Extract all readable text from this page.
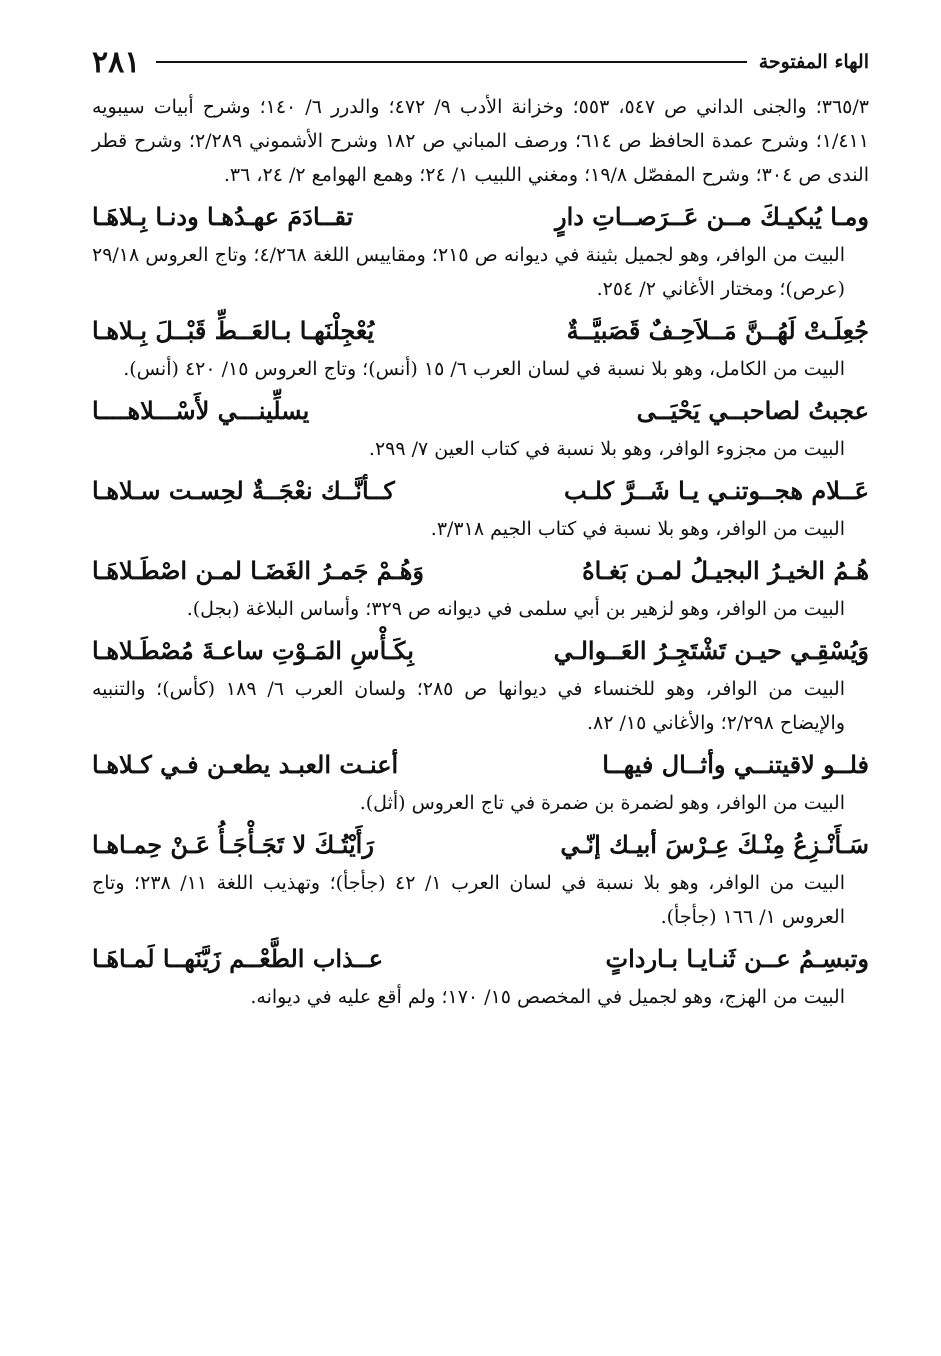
الهاء المفتوحة
٢٨١

٣٦٥/٣؛ والجنى الداني ص ٥٤٧، ٥٥٣؛ وخزانة الأدب ٩/ ٤٧٢؛ والدرر ٦/ ١٤٠؛ وشرح أبيات سيبويه ١/٤١١؛ وشرح عمدة الحافظ ص ٦١٤؛ ورصف المباني ص ١٨٢ وشرح الأشموني ٢/٢٨٩؛ وشرح قطر الندى ص ٣٠٤؛ وشرح المفصّل ١٩/٨؛ ومغني اللبيب ١/ ٢٤؛ وهمع الهوامع ٢/ ٢٤، ٣٦.

ومـا يُبكيـكَ مــن عَــرَصــاتِ دارٍ
تقــادَمَ عهـدُهـا ودنـا بِـلاهَـا

البيت من الوافر، وهو لجميل بثينة في ديوانه ص ٢١٥؛ ومقاييس اللغة ٤/٢٦٨؛ وتاج العروس ٢٩/١٨ (عرص)؛ ومختار الأغاني ٢/ ٢٥٤.

جُعِلَـتْ لَهُــنَّ مَــلاَحِـفٌ قَصَبيَّــةٌ
يُعْجِلْنَهـا بـالعَــطِّ قَبْــلَ بِـلاهـا

البيت من الكامل، وهو بلا نسبة في لسان العرب ٦/ ١٥ (أنس)؛ وتاج العروس ١٥/ ٤٢٠ (أنس).

عجبتُ لصاحبــي يَحْيَــى
يسلِّينـــي لأَسْـــلاهــــا

البيت من مجزوء الوافر، وهو بلا نسبة في كتاب العين ٧/ ٢٩٩.

عَــلام هجــوتنـي يـا شَــرَّ كلـب
كــأنَّــك نعْجَــةٌ لحِسـت سـلاهـا

البيت من الوافر، وهو بلا نسبة في كتاب الجيم ٣/٣١٨.

هُـمُ الخيـرُ البجيـلُ لمـن بَغـاهُ
وَهُـمْ جَمـرُ الغَضَـا لمـن اصْطَـلاهَـا

البيت من الوافر، وهو لزهير بن أبي سلمى في ديوانه ص ٣٢٩؛ وأساس البلاغة (بجل).

وَيُسْقِـي حيـن تَشْتَجِـرُ العَــوالـي
بِكَـأْسِ المَـوْتِ ساعـةَ مُصْطَـلاهـا

البيت من الوافر، وهو للخنساء في ديوانها ص ٢٨٥؛ ولسان العرب ٦/ ١٨٩ (كأس)؛ والتنبيه والإيضاح ٢/٢٩٨؛ والأغاني ١٥/ ٨٢.

فلــو لاقيتنــي وأثــال فيهــا
أعنـت العبـد يطعـن فـي كـلاهـا

البيت من الوافر، وهو لضمرة بن ضمرة في تاج العروس (أثل).

سَـأَنْـزِعُ مِنْـكَ عِـرْسَ أبيـك إنّـي
رَأَيْتُـكَ لا تَجَـأْجَـأُ عَـنْ حِمـاهـا

البيت من الوافر، وهو بلا نسبة في لسان العرب ١/ ٤٢ (جأجأ)؛ وتهذيب اللغة ١١/ ٢٣٨؛ وتاج العروس ١/ ١٦٦ (جأجأ).

وتبسِـمُ عــن ثَنـايـا بـارداتٍ
عــذاب الطَّعْــم زَيَّنَهــا لَمـاهَـا

البيت من الهزج، وهو لجميل في المخصص ١٥/ ١٧٠؛ ولم أقع عليه في ديوانه.
